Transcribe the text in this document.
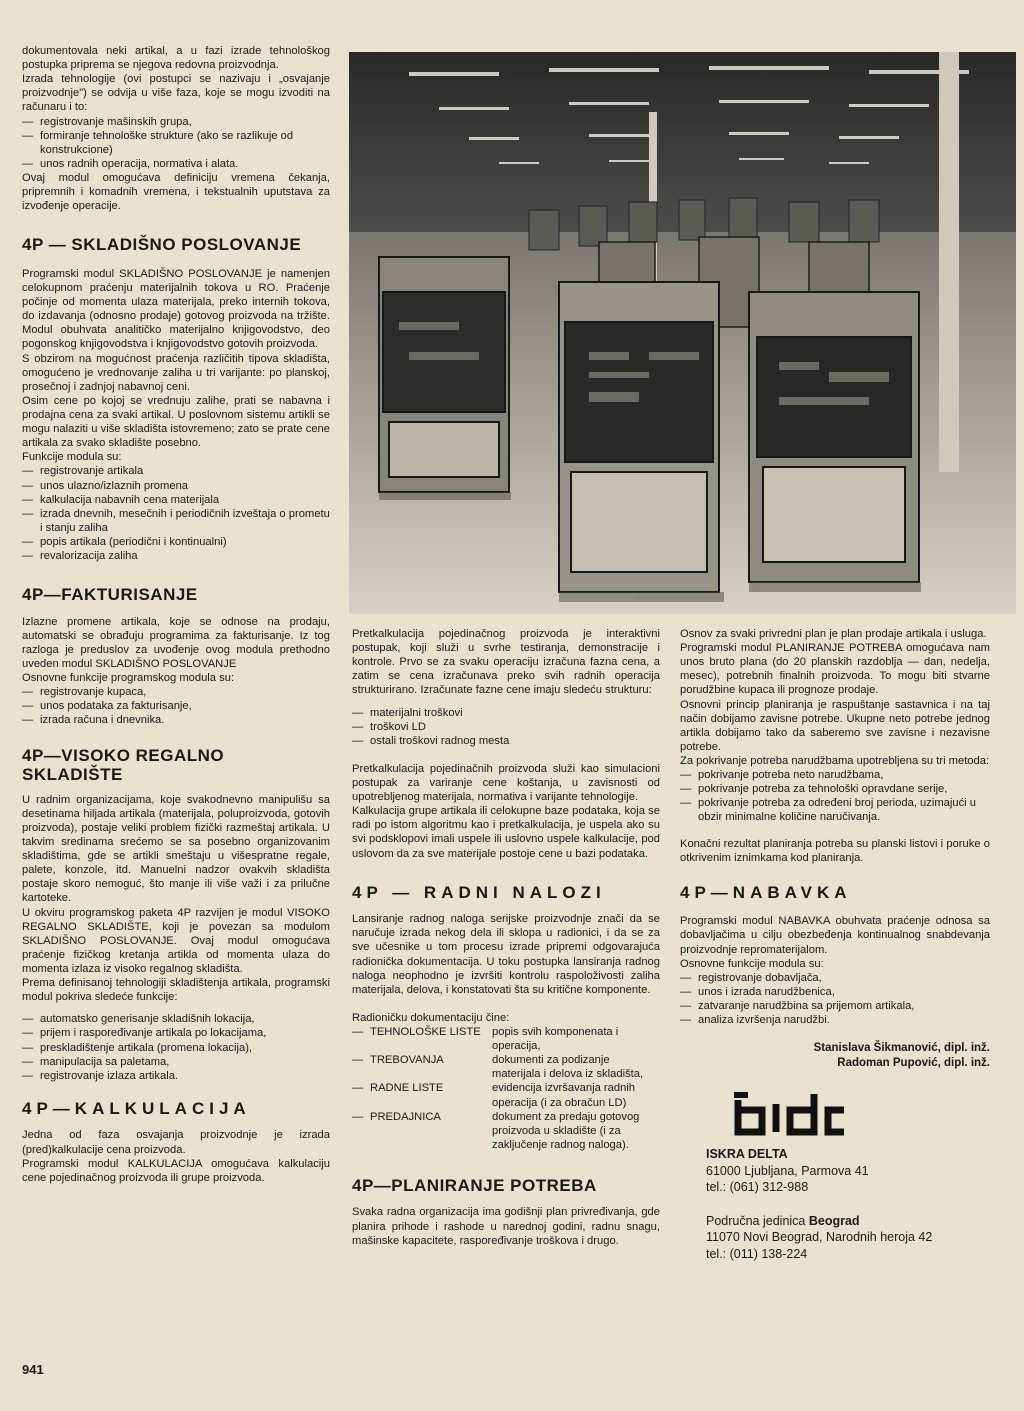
dokumentovala neki artikal, a u fazi izrade tehnološkog postupka priprema se njegova redovna proizvodnja.

Izrada tehnologije (ovi postupci se nazivaju i „osvajanje proizvodnje") se odvija u više faza, koje se mogu izvoditi na računaru i to:

— registrovanje mašinskih grupa,
— formiranje tehnološke strukture (ako se razlikuje od konstrukcione)
— unos radnih operacija, normativa i alata.

Ovaj modul omogućava definiciju vremena čekanja, pripremnih i komadnih vremena, i tekstualnih uputstava za izvođenje operacije.

4P — SKLADIŠNO POSLOVANJE

Programski modul SKLADIŠNO POSLOVANJE je namenjen celokupnom praćenju materijalnih tokova u RO. Praćenje počinje od momenta ulaza materijala, preko internih tokova, do izdavanja (odnosno prodaje) gotovog proizvoda na tržište. Modul obuhvata analitičko materijalno knjigovodstvo, deo pogonskog knjigovodstva i knjigovodstvo gotovih proizvoda.

S obzirom na mogućnost praćenja različitih tipova skladišta, omogućeno je vrednovanje zaliha u tri varijante: po planskoj, prosečnoj i zadnjoj nabavnoj ceni.

Osim cene po kojoj se vrednuju zalihe, prati se nabavna i prodajna cena za svaki artikal. U poslovnom sistemu artikli se mogu nalaziti u više skladišta istovremeno; zato se prate cene artikala za svako skladište posebno.

Funkcije modula su:

— registrovanje artikala
— unos ulazno/izlaznih promena
— kalkulacija nabavnih cena materijala
— izrada dnevnih, mesečnih i periodičnih izveštaja o prometu i stanju zaliha
— popis artikala (periodični i kontinualni)
— revalorizacija zaliha
4P—FAKTURISANJE

Izlazne promene artikala, koje se odnose na prodaju, automatski se obrađuju programima za fakturisanje. Iz tog razloga je preduslov za uvođenje ovog modula prethodno uveden modul SKLADIŠNO POSLOVANJE

Osnovne funkcije programskog modula su:

— registrovanje kupaca,
— unos podataka za fakturisanje,
— izrada računa i dnevnika.
4P—VISOKO REGALNO SKLADIŠTE

U radnim organizacijama, koje svakodnevno manipulišu sa desetinama hiljada artikala (materijala, poluproizvoda, gotovih proizvoda), postaje veliki problem fizički razmeštaj artikala. U takvim sredinama srećemo se sa posebno organizovanim skladištima, gde se artikli smeštaju u višespratne regale, palete, konzole, itd. Manuelni nadzor ovakvih skladišta postaje skoro nemoguć, što manje ili više važi i za prilučne kartoteke.

U okviru programskog paketa 4P razvijen je modul VISOKO REGALNO SKLADIŠTE, koji je povezan sa modulom SKLADIŠNO POSLOVANJE. Ovaj modul omogućava praćenje fizičkog kretanja artikla od momenta ulaza do momenta izlaza iz visoko regalnog skladišta.

Prema definisanoj tehnologiji skladištenja artikala, programski modul pokriva sledeće funkcije:

— automatsko generisanje skladišnih lokacija,
— prijem i raspoređivanje artikala po lokacijama,
— preskladištenje artikala (promena lokacija),
— manipulacija sa paletama,
— registrovanje izlaza artikala.
4P—KALKULACIJA

Jedna od faza osvajanja proizvodnje je izrada (pred)kalkulacije cena proizvoda.

Programski modul KALKULACIJA omogućava kalkulaciju cene pojedinačnog proizvoda ili grupe proizvoda.

941

Pretkalkulacija pojedinačnog proizvoda je interaktivni postupak, koji služi u svrhe testiranja, demonstracije i kontrole. Prvo se za svaku operaciju izračuna fazna cena, a zatim se cena izračunava preko svih radnih operacija strukturirano. Izračunate fazne cene imaju sledeću strukturu:

— materijalni troškovi
— troškovi LD
— ostali troškovi radnog mesta

Pretkalkulacija pojedinačnih proizvoda služi kao simulacioni postupak za variranje cene koštanja, u zavisnosti od upotrebljenog materijala, normativa i varijante tehnologije.

Kalkulacija grupe artikala ili celokupne baze podataka, koja se radi po istom algoritmu kao i pretkalkulacija, je uspela ako su svi podsklopovi imali uspele ili uslovno uspele kalkulacije, pod uslovom da za sve materijale postoje cene u bazi podataka.

4P — RADNI NALOZI

Lansiranje radnog naloga serijske proizvodnje znači da se naručuje izrada nekog dela ili sklopa u radionici, i da se za sve učesnike u tom procesu izrade pripremi odgovarajuća radionička dokumentacija. U toku postupka lansiranja radnog naloga neophodno je izvršiti kontrolu raspoloživosti zaliha materijala, delova, i konstatovati šta su kritične komponente.

Radioničku dokumentaciju čine:

— TEHNOLOŠKE LISTE	popis svih komponenata i operacija,
— TREBOVANJA	dokumenti za podizanje materijala i delova iz skladišta,
— RADNE LISTE	evidencija izvršavanja radnih operacija (i za obračun LD)
— PREDAJNICA	dokument za predaju gotovog proizvoda u skladište (i za zaključenje radnog naloga).
4P—PLANIRANJE POTREBA

Svaka radna organizacija ima godišnji plan privređivanja, gde planira prihode i rashode u narednoj godini, radnu snagu, mašinske kapacitete, raspoređivanje troškova i drugo.

Osnov za svaki privredni plan je plan prodaje artikala i usluga.

Programski modul PLANIRANJE POTREBA omogućava nam unos bruto plana (do 20 planskih razdoblja — dan, nedelja, mesec), potrebnih finalnih proizvoda. To mogu biti stvarne porudžbine kupaca ili prognoze prodaje.

Osnovni princip planiranja je raspuštanje sastavnica i na taj način dobijamo zavisne potrebe. Ukupne neto potrebe jednog artikla dobijamo tako da saberemo sve zavisne i nezavisne potrebe.

Za pokrivanje potreba narudžbama upotrebljena su tri metoda:

— pokrivanje potreba neto narudžbama,
— pokrivanje potreba za tehnološki opravdane serije,
— pokrivanje potreba za određeni broj perioda, uzimajući u obzir minimalne količine naručivanja.

Konačni rezultat planiranja potreba su planski listovi i poruke o otkrivenim iznimkama kod planiranja.

4P—NABAVKA

Programski modul NABAVKA obuhvata praćenje odnosa sa dobavljačima u cilju obezbeđenja kontinualnog snabdevanja proizvodnje repromaterijalom.

Osnovne funkcije modula su:

— registrovanje dobavljača,
— unos i izrada narudžbenica,
— zatvaranje narudžbina sa prijemom artikala,
— analiza izvršenja narudžbi.
Stanislava Šikmanović, dipl. inž.
Radoman Pupović, dipl. inž.
ISKRA DELTA
61000 Ljubljana, Parmova 41
tel.: (061) 312-988
Područna jedinica Beograd
11070 Novi Beograd, Narodnih heroja 42
tel.: (011) 138-224
